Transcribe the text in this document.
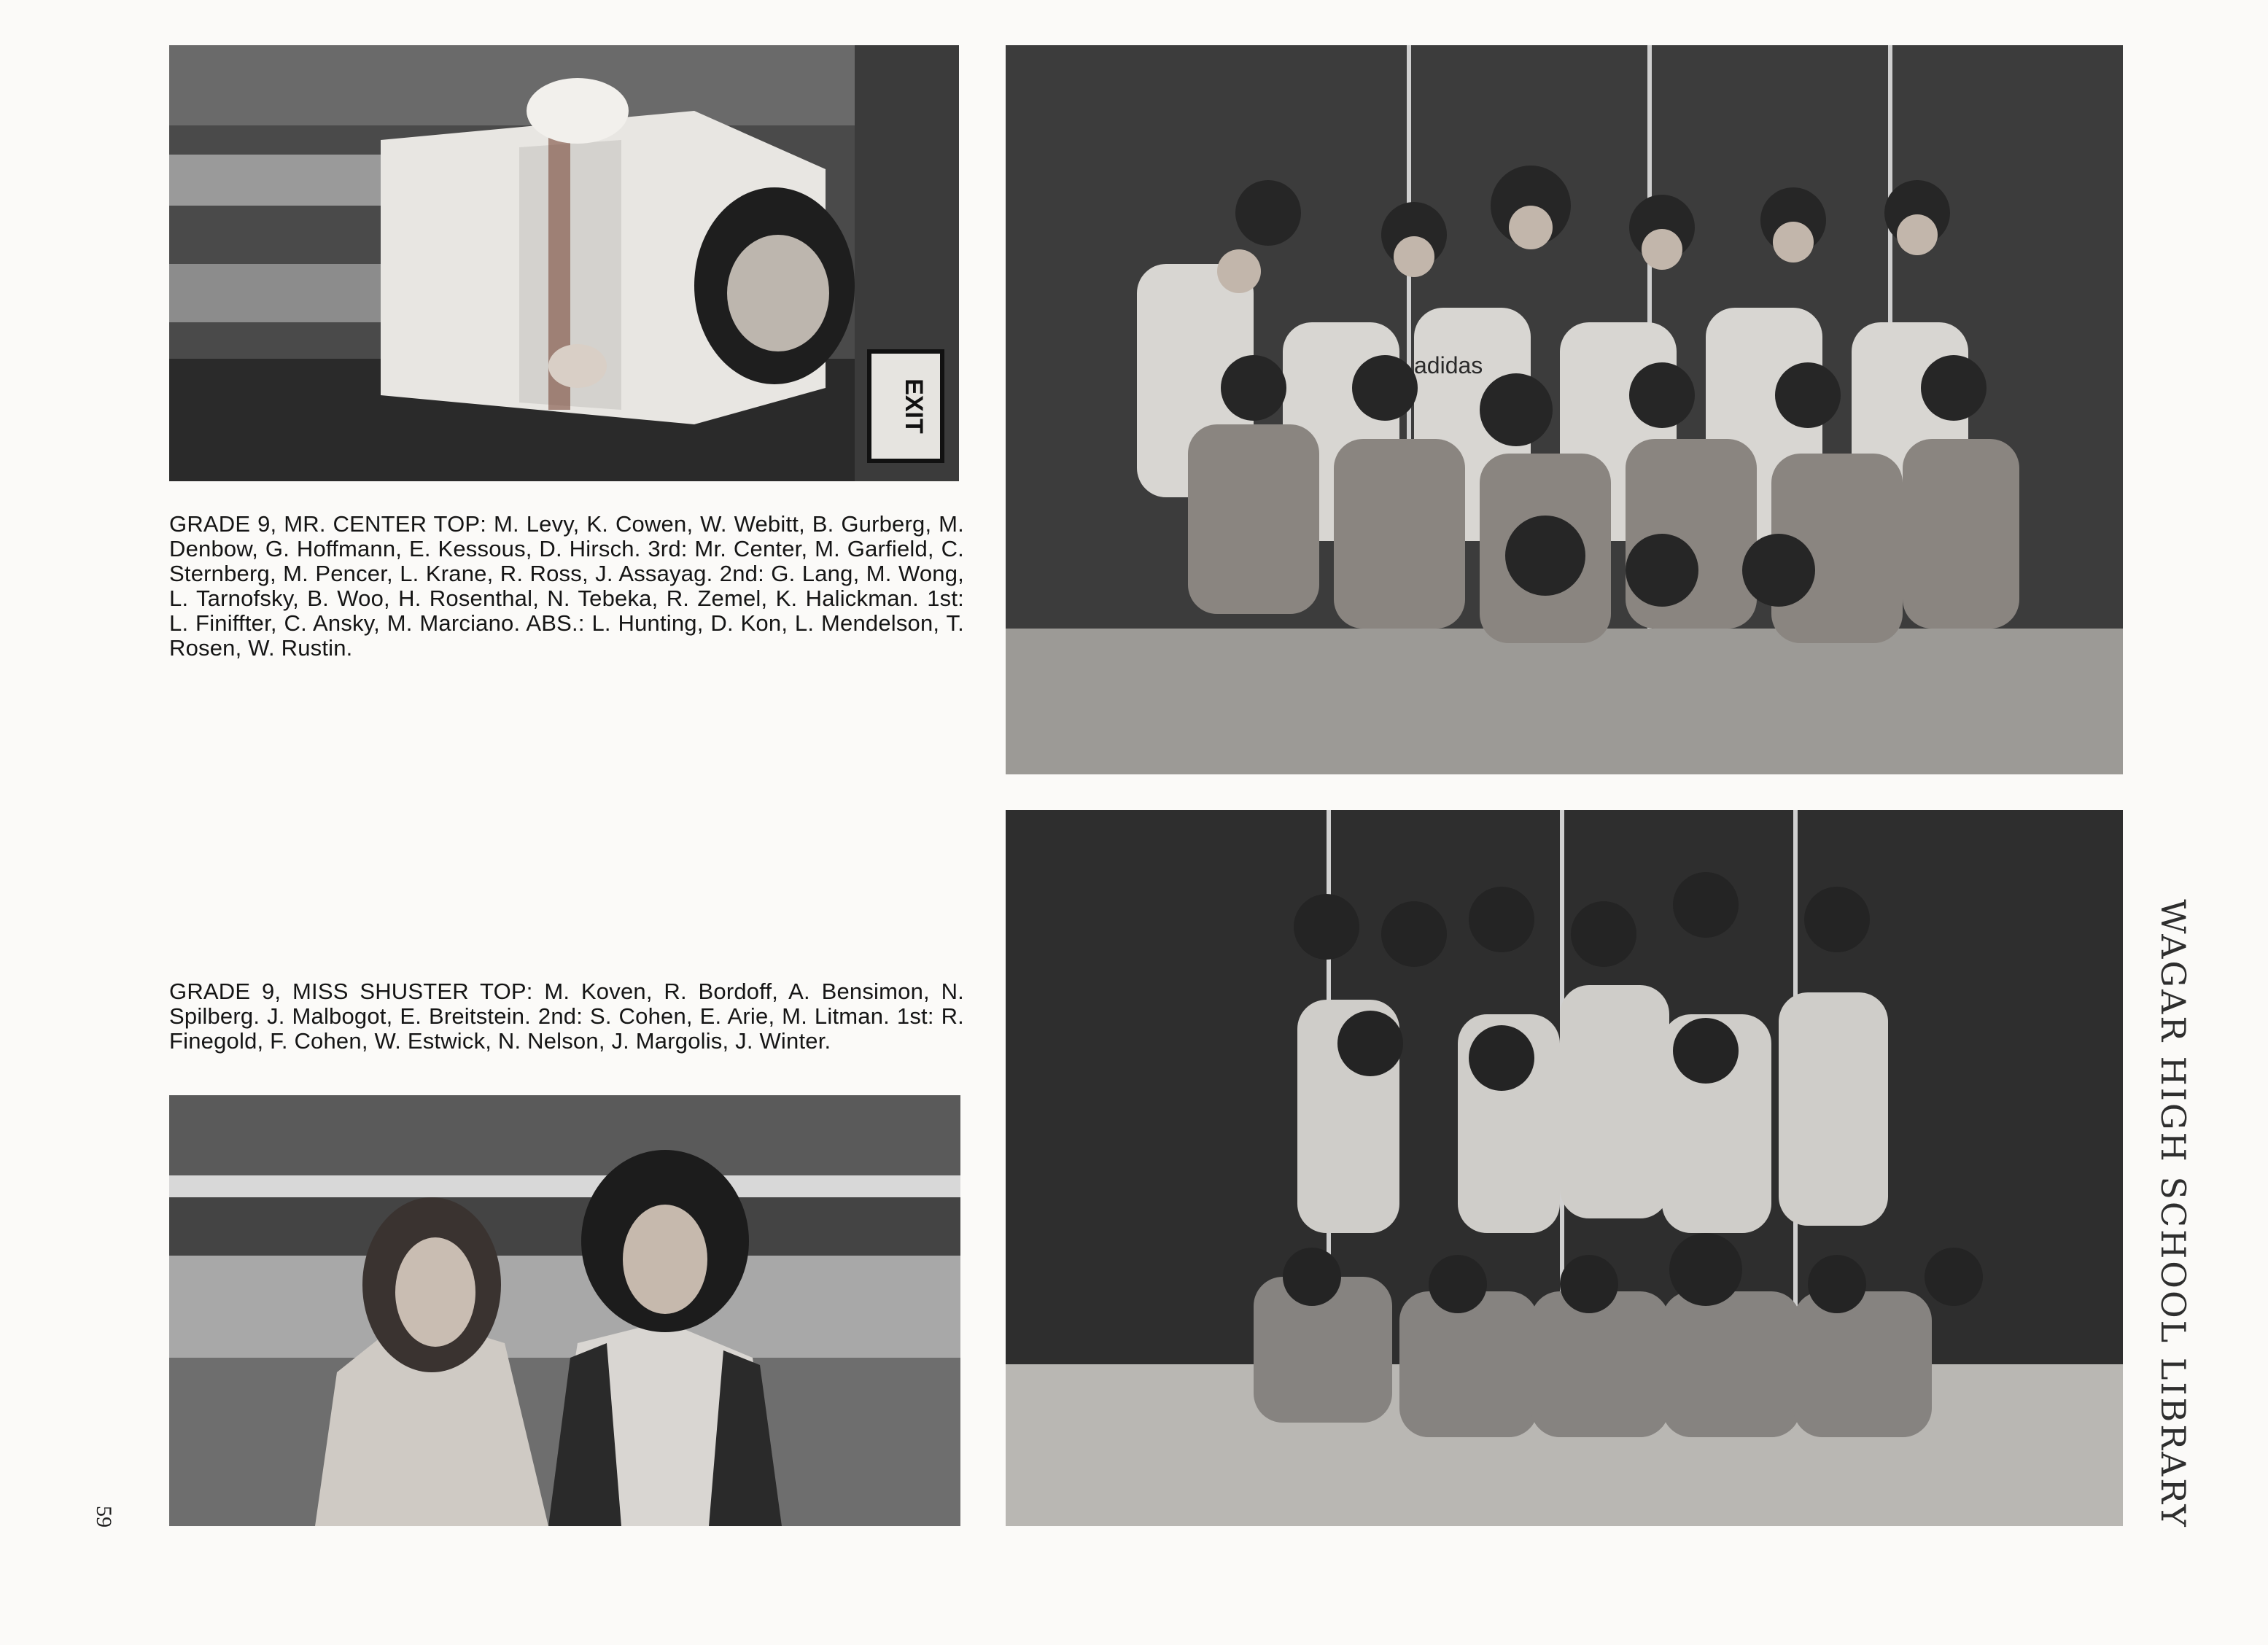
EXIT
GRADE 9, MR. CENTER TOP: M. Levy, K. Cowen, W. Webitt, B. Gurberg, M. Denbow, G. Hoffmann, E. Kessous, D. Hirsch. 3rd: Mr. Center, M. Garfield, C. Sternberg, M. Pencer, L. Krane, R. Ross, J. Assayag. 2nd: G. Lang, M. Wong, L. Tarnofsky, B. Woo, H. Rosenthal, N. Tebeka, R. Zemel, K. Halickman. 1st: L. Finiffter, C. Ansky, M. Marciano. ABS.: L. Hunting, D. Kon, L. Mendelson, T. Rosen, W. Rustin.
adidas
GRADE 9, MISS SHUSTER TOP: M. Koven, R. Bordoff, A. Bensimon, N. Spilberg. J. Malbogot, E. Breitstein. 2nd: S. Cohen, E. Arie, M. Litman. 1st: R. Finegold, F. Cohen, W. Estwick, N. Nelson, J. Margolis, J. Winter.	WAGAR HIGH SCHOOL LIBRARY
59
